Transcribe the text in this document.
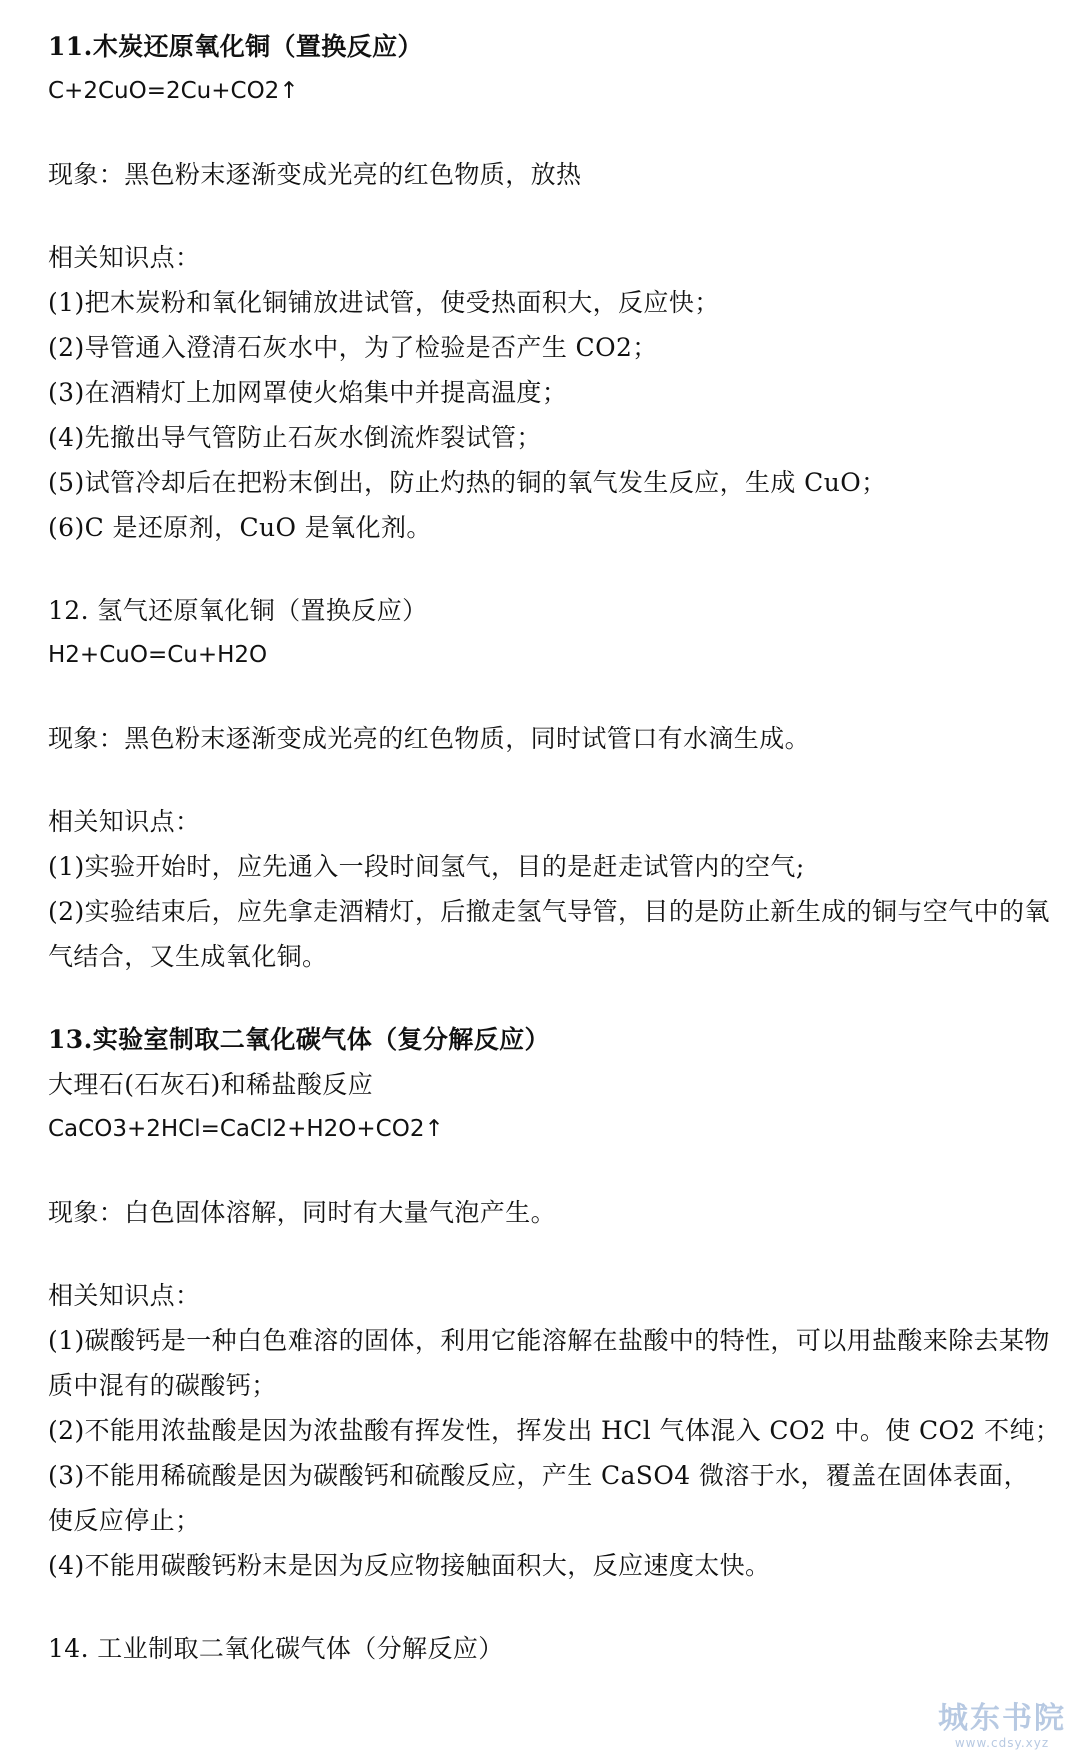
11.木炭还原氧化铜（置换反应）
C+2CuO=2Cu+CO2↑
现象：黑色粉末逐渐变成光亮的红色物质，放热
相关知识点：
(1)把木炭粉和氧化铜铺放进试管，使受热面积大，反应快；
(2)导管通入澄清石灰水中，为了检验是否产生 CO2；
(3)在酒精灯上加网罩使火焰集中并提高温度；
(4)先撤出导气管防止石灰水倒流炸裂试管；
(5)试管冷却后在把粉末倒出，防止灼热的铜的氧气发生反应，生成 CuO；
(6)C 是还原剂，CuO 是氧化剂。
12. 氢气还原氧化铜（置换反应）
H2+CuO=Cu+H2O
现象：黑色粉末逐渐变成光亮的红色物质，同时试管口有水滴生成。
相关知识点：
(1)实验开始时，应先通入一段时间氢气，目的是赶走试管内的空气;
(2)实验结束后，应先拿走酒精灯，后撤走氢气导管，目的是防止新生成的铜与空气中的氧气结合，又生成氧化铜。
13.实验室制取二氧化碳气体（复分解反应）
大理石(石灰石)和稀盐酸反应
CaCO3+2HCl=CaCl2+H2O+CO2↑
现象：白色固体溶解，同时有大量气泡产生。
相关知识点：
(1)碳酸钙是一种白色难溶的固体，利用它能溶解在盐酸中的特性，可以用盐酸来除去某物质中混有的碳酸钙；
(2)不能用浓盐酸是因为浓盐酸有挥发性，挥发出 HCl 气体混入 CO2 中。使 CO2 不纯；
(3)不能用稀硫酸是因为碳酸钙和硫酸反应，产生 CaSO4 微溶于水，覆盖在固体表面，使反应停止；
(4)不能用碳酸钙粉末是因为反应物接触面积大，反应速度太快。
14. 工业制取二氧化碳气体（分解反应）
城东书院
www.cdsy.xyz
